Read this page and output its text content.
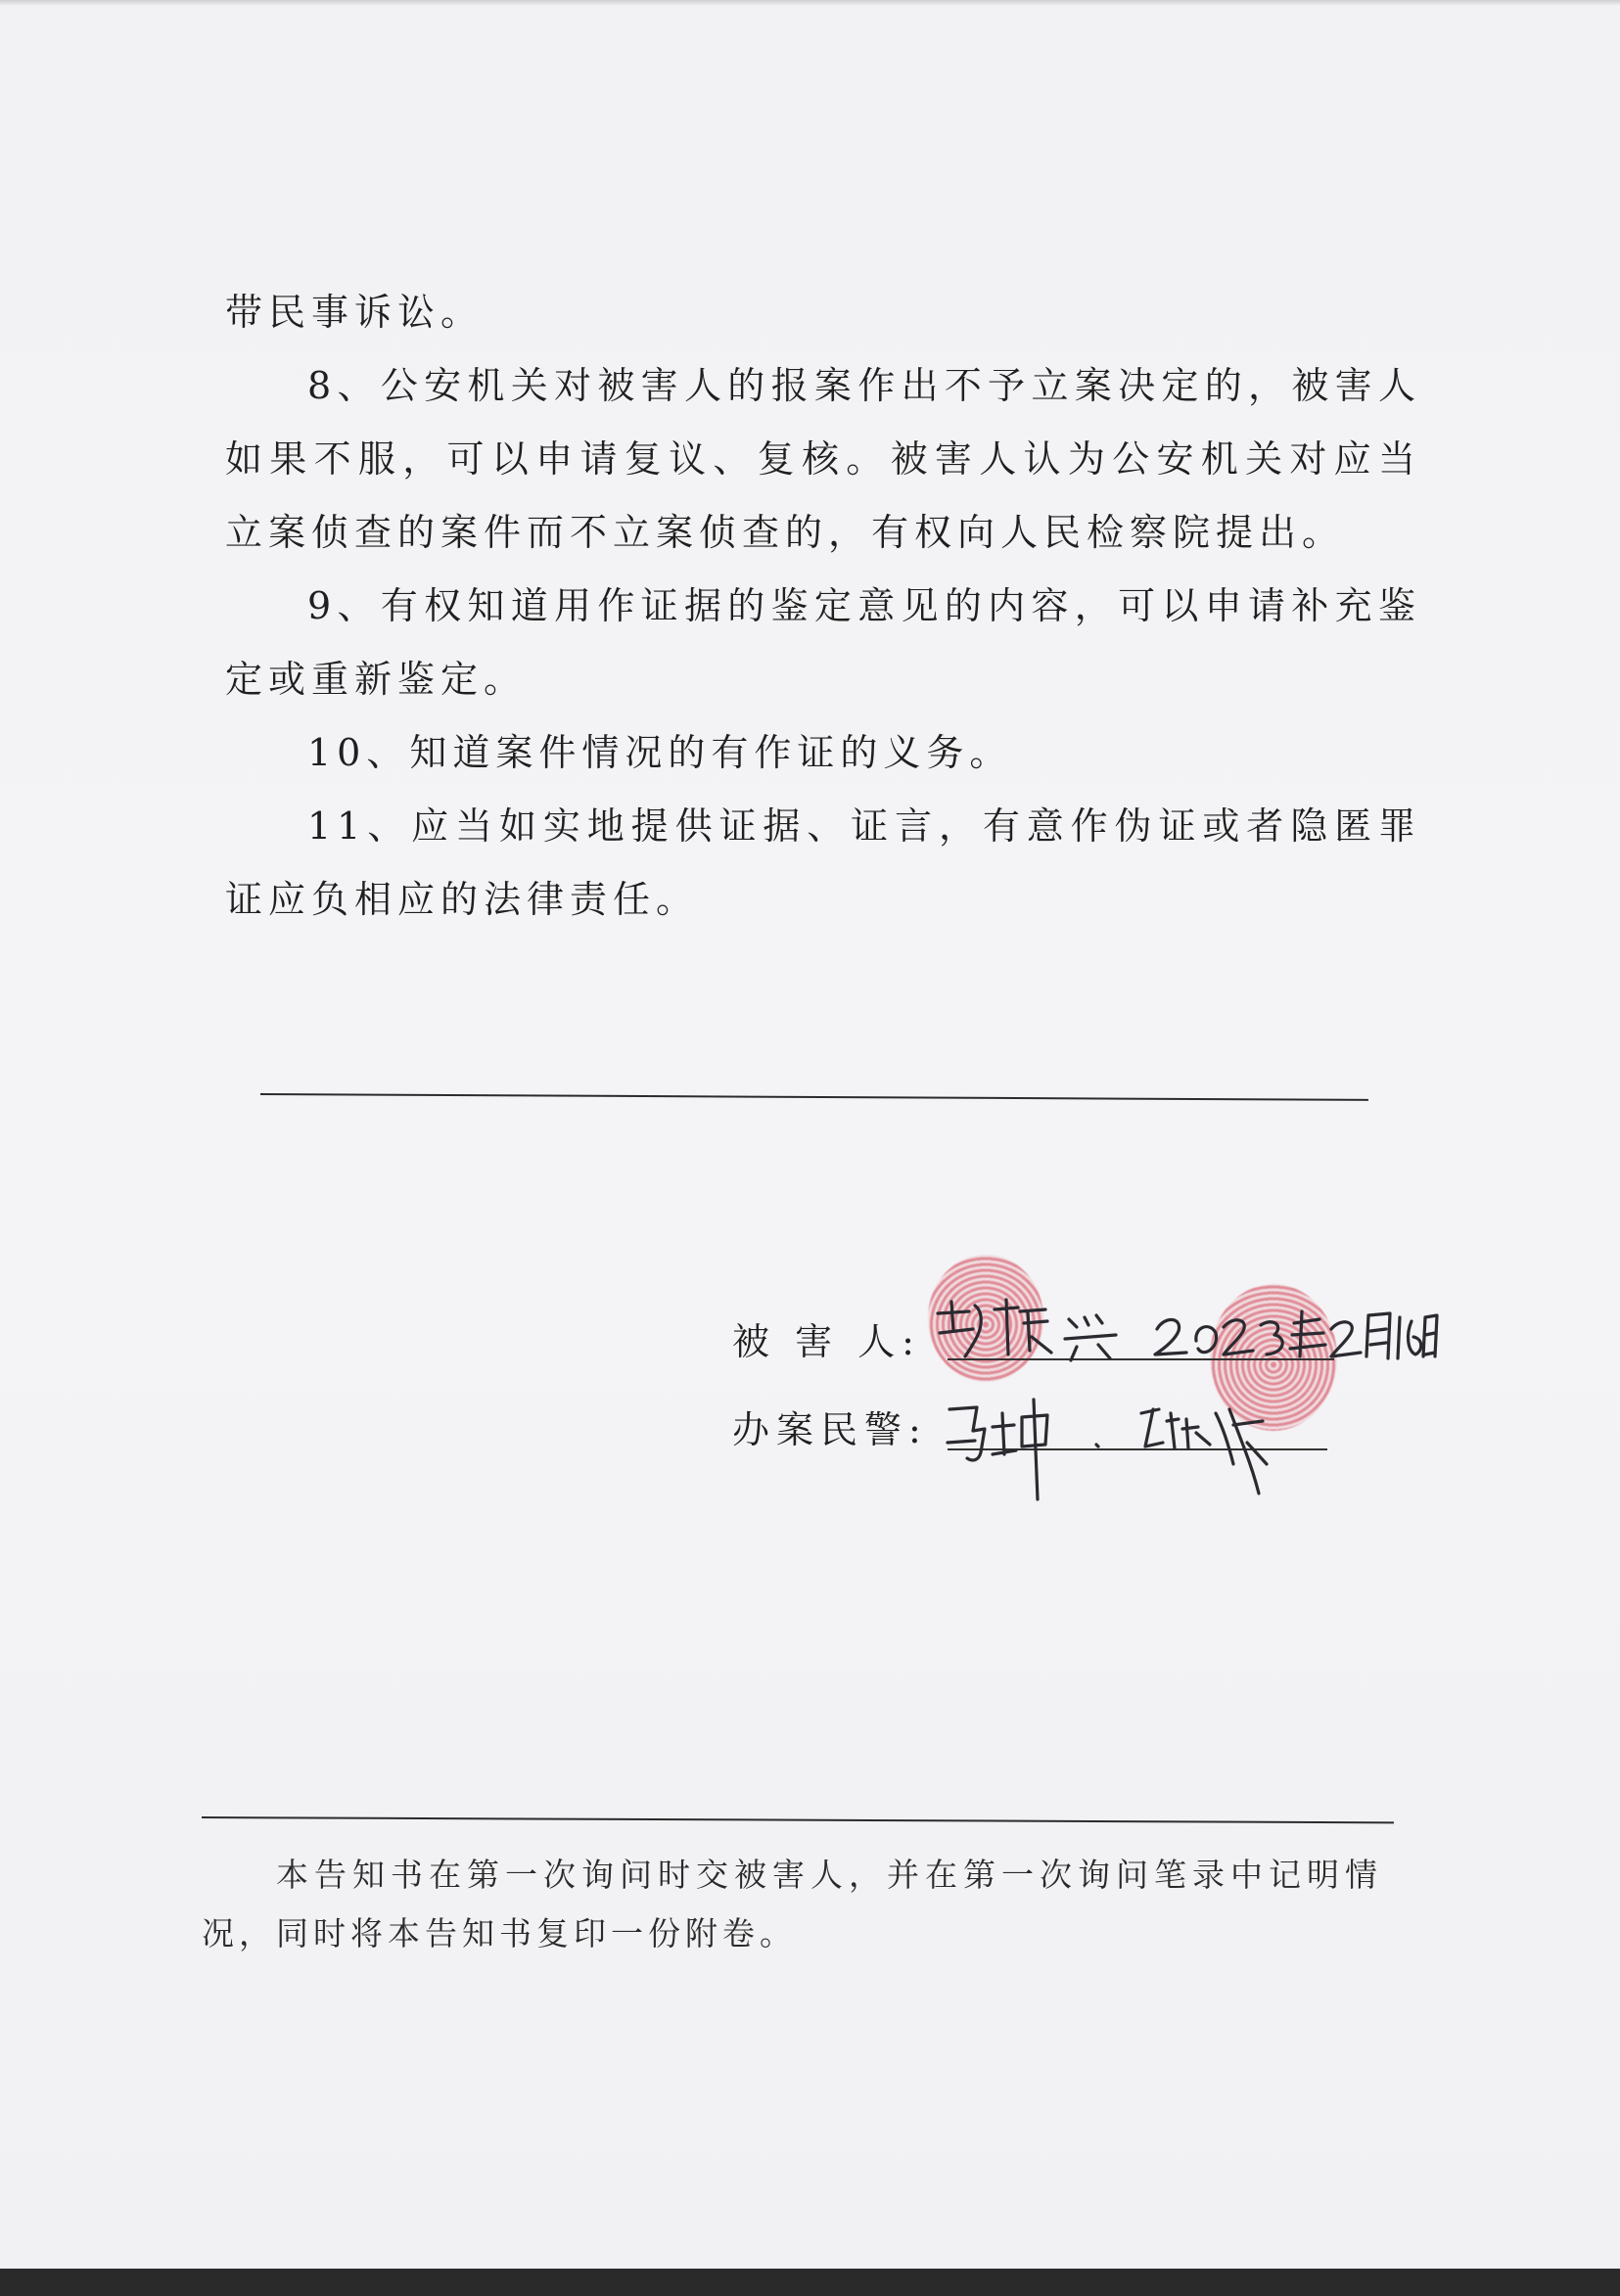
带民事诉讼。

8、公安机关对被害人的报案作出不予立案决定的，被害人如果不服，可以申请复议、复核。被害人认为公安机关对应当 立案侦查的案件而不立案侦查的，有权向人民检察院提出。

9、有权知道用作证据的鉴定意见的内容，可以申请补充鉴定或重新鉴定。

10、知道案件情况的有作证的义务。

11、应当如实地提供证据、证言，有意作伪证或者隐匿罪 证应负相应的法律责任。

被 害 人:
办案民警:

本告知书在第一次询问时交被害人，并在第一次询问笔录中记明情况，同时将本告知书复印一份附卷。
